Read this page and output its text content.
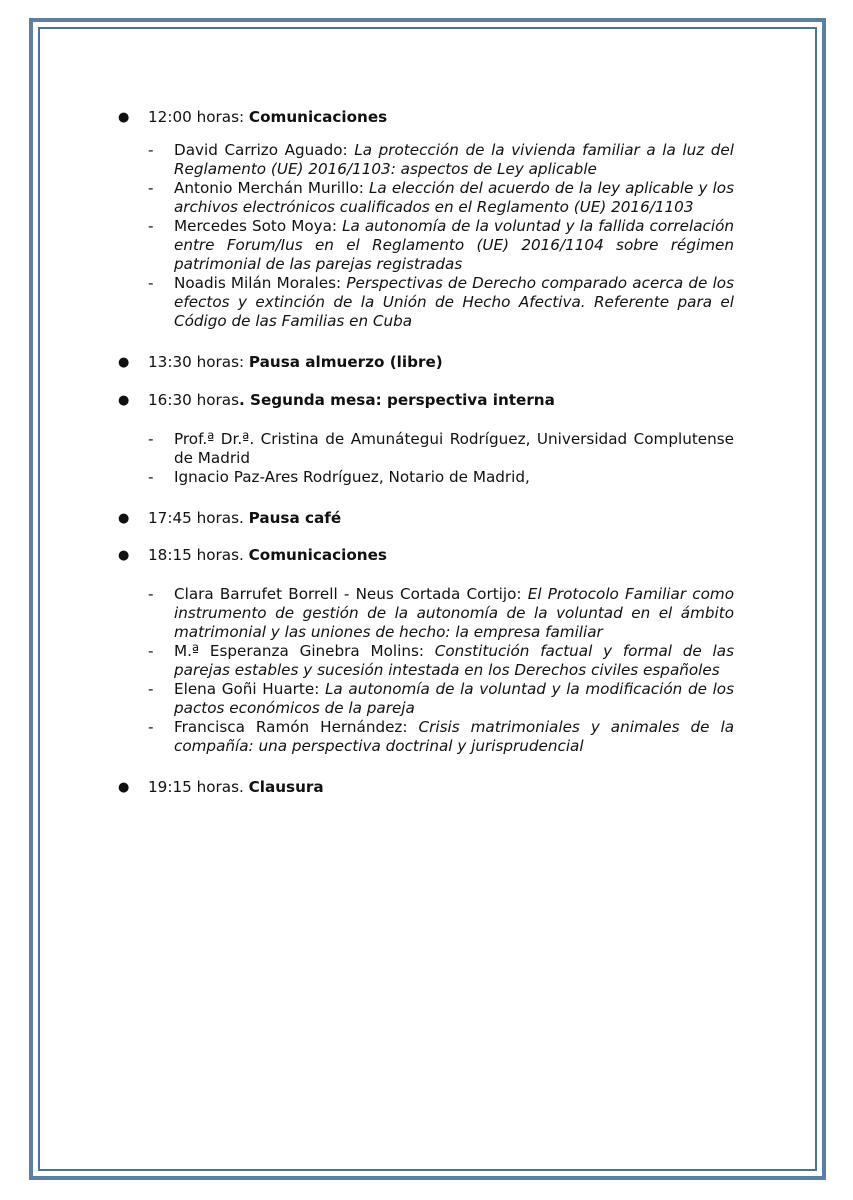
● 12:00 horas: Comunicaciones
- David Carrizo Aguado: La protección de la vivienda familiar a la luz del Reglamento (UE) 2016/1103: aspectos de Ley aplicable
- Antonio Merchán Murillo: La elección del acuerdo de la ley aplicable y los archivos electrónicos cualificados en el Reglamento (UE) 2016/1103
- Mercedes Soto Moya: La autonomía de la voluntad y la fallida correlación entre Forum/Ius en el Reglamento (UE) 2016/1104 sobre régimen patrimonial de las parejas registradas
- Noadis Milán Morales: Perspectivas de Derecho comparado acerca de los efectos y extinción de la Unión de Hecho Afectiva. Referente para el Código de las Familias en Cuba
● 13:30 horas: Pausa almuerzo (libre)
● 16:30 horas. Segunda mesa: perspectiva interna
- Prof.ª Dr.ª. Cristina de Amunátegui Rodríguez, Universidad Complutense de Madrid
- Ignacio Paz-Ares Rodríguez, Notario de Madrid,
● 17:45 horas. Pausa café
● 18:15 horas. Comunicaciones
- Clara Barrufet Borrell - Neus Cortada Cortijo: El Protocolo Familiar como instrumento de gestión de la autonomía de la voluntad en el ámbito matrimonial y las uniones de hecho: la empresa familiar
- M.ª Esperanza Ginebra Molins: Constitución factual y formal de las parejas estables y sucesión intestada en los Derechos civiles españoles
- Elena Goñi Huarte: La autonomía de la voluntad y la modificación de los pactos económicos de la pareja
- Francisca Ramón Hernández: Crisis matrimoniales y animales de la compañía: una perspectiva doctrinal y jurisprudencial
● 19:15 horas. Clausura
